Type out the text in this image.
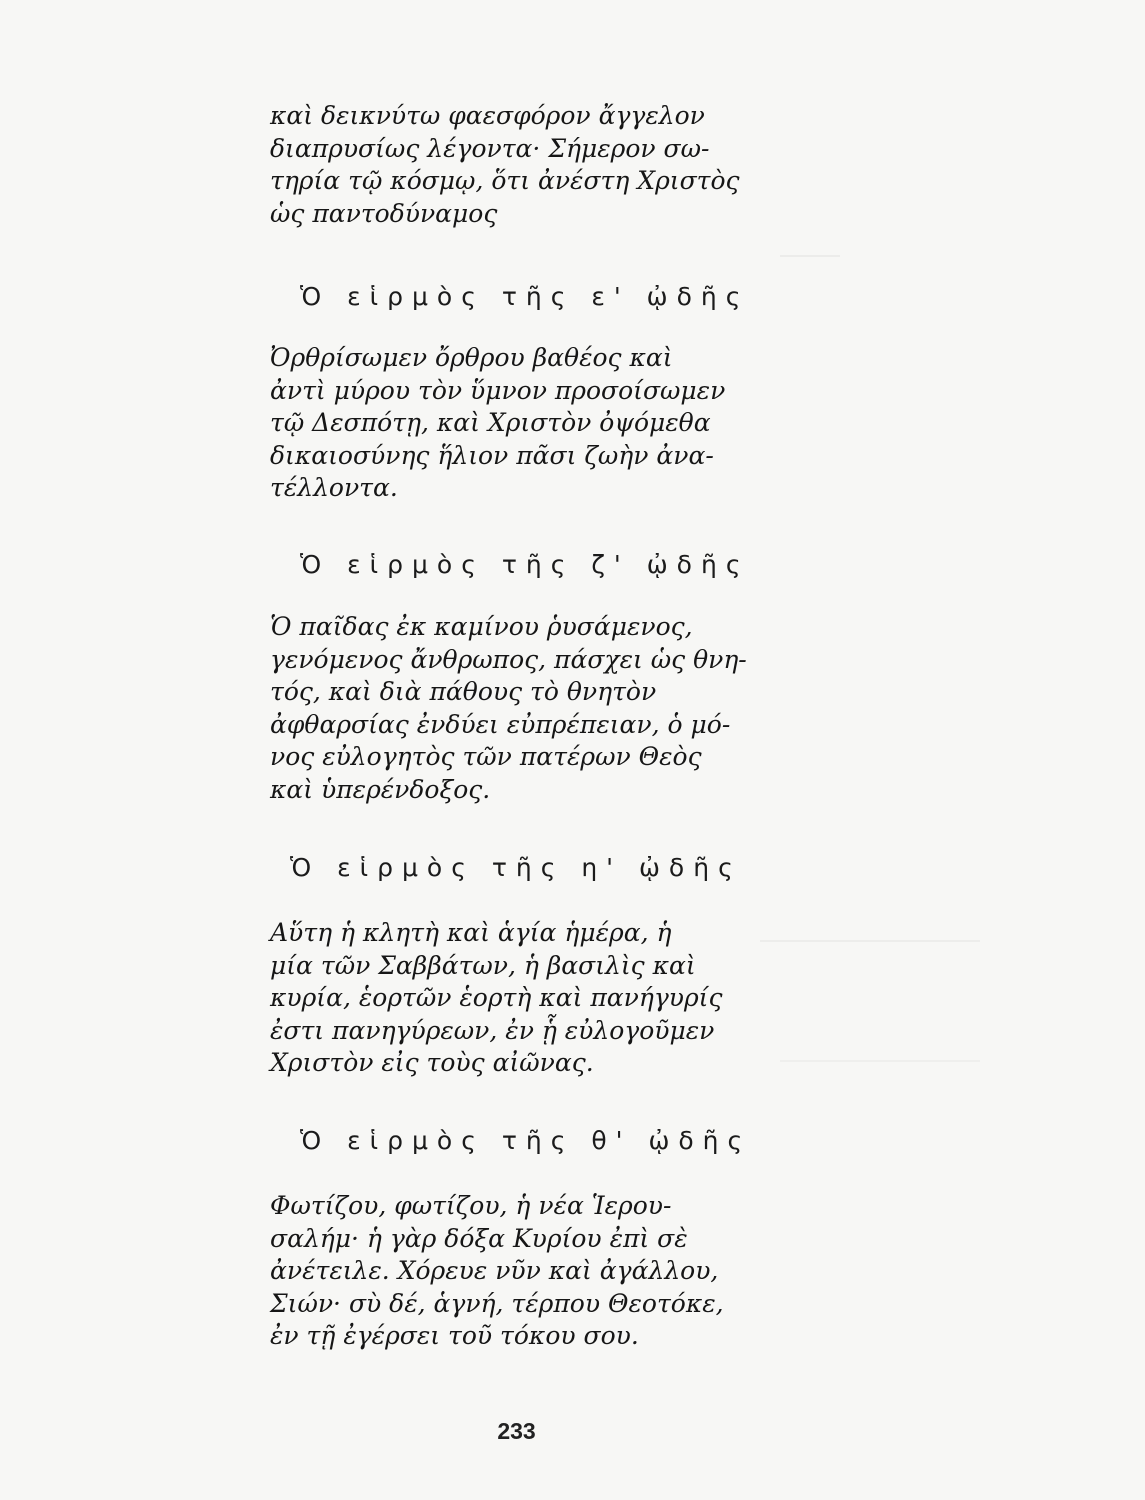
καὶ δεικνύτω φαεσφόρον ἄγγελον
διαπρυσίως λέγοντα· Σήμερον σω-
τηρία τῷ κόσμῳ, ὅτι ἀνέστη Χριστὸς
ὡς παντοδύναμος
Ὁ εἱρμὸς τῆς ε' ᾠδῆς
Ὀρθρίσωμεν ὄρθρου βαθέος καὶ
ἀντὶ μύρου τὸν ὕμνον προσοίσωμεν
τῷ Δεσπότῃ, καὶ Χριστὸν ὀψόμεθα
δικαιοσύνης ἥλιον πᾶσι ζωὴν ἀνα-
τέλλοντα.
Ὁ εἱρμὸς τῆς ζ' ᾠδῆς
Ὁ παῖδας ἐκ καμίνου ῥυσάμενος,
γενόμενος ἄνθρωπος, πάσχει ὡς θνη-
τός, καὶ διὰ πάθους τὸ θνητὸν
ἀφθαρσίας ἐνδύει εὐπρέπειαν, ὁ μό-
νος εὐλογητὸς τῶν πατέρων Θεὸς
καὶ ὑπερένδοξος.
Ὁ εἱρμὸς τῆς η' ᾠδῆς
Αὕτη ἡ κλητὴ καὶ ἁγία ἡμέρα, ἡ
μία τῶν Σαββάτων, ἡ βασιλὶς καὶ
κυρία, ἑορτῶν ἑορτὴ καὶ πανήγυρίς
ἐστι πανηγύρεων, ἐν ᾗ εὐλογοῦμεν
Χριστὸν εἰς τοὺς αἰῶνας.
Ὁ εἱρμὸς τῆς θ' ᾠδῆς
Φωτίζου, φωτίζου, ἡ νέα Ἱερου-
σαλήμ· ἡ γὰρ δόξα Κυρίου ἐπὶ σὲ
ἀνέτειλε. Χόρευε νῦν καὶ ἀγάλλου,
Σιών· σὺ δέ, ἁγνή, τέρπου Θεοτόκε,
ἐν τῇ ἐγέρσει τοῦ τόκου σου.
233
